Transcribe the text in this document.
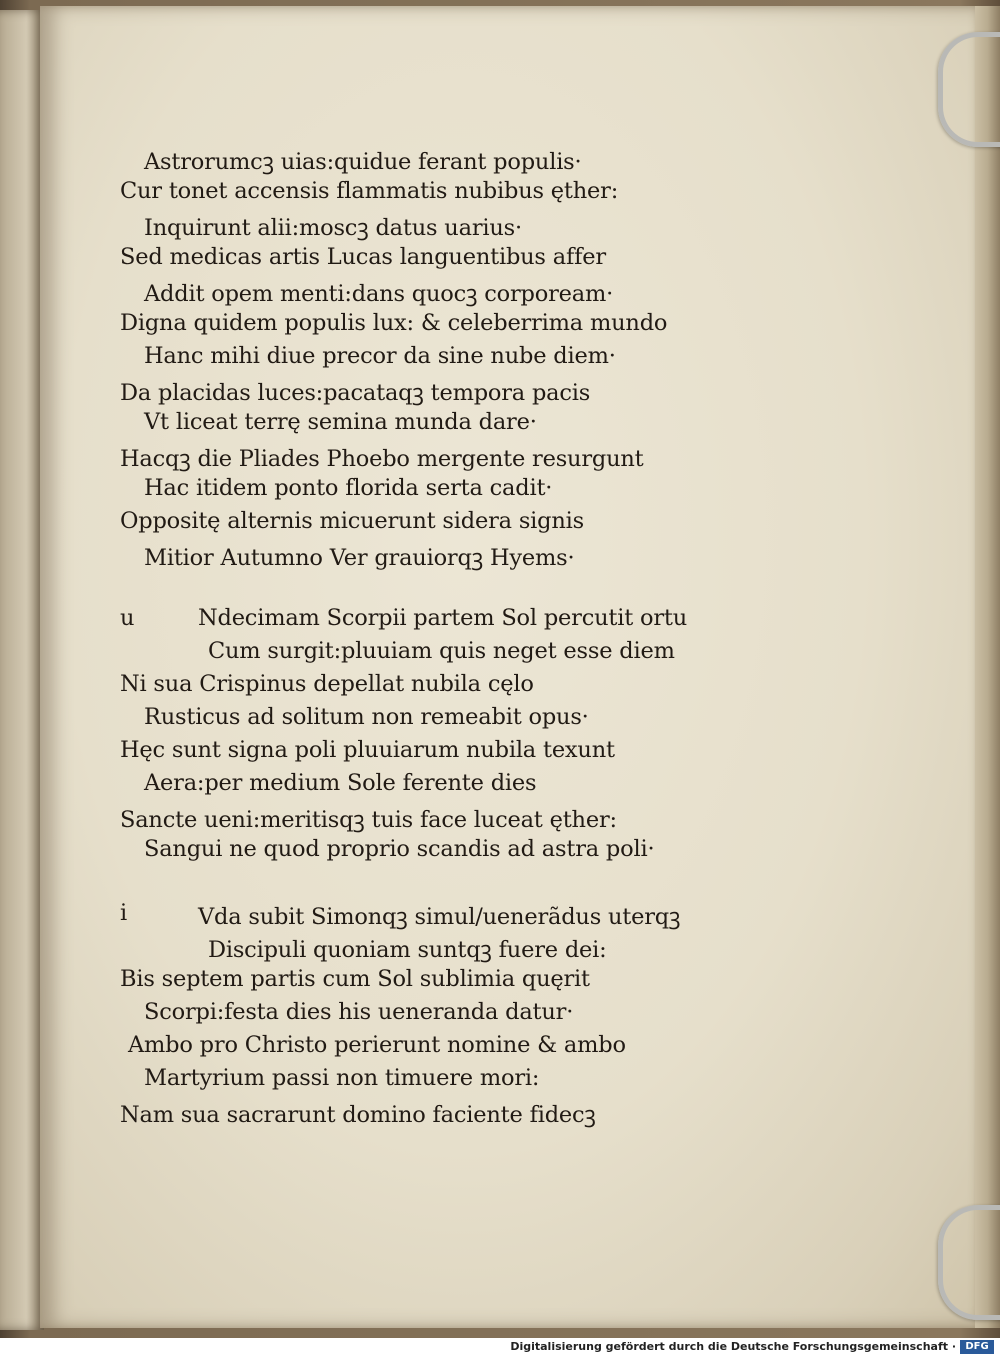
Astrorumcꝫ uias:quidue ferant populis·
Cur tonet accensis flammatis nubibus ęther:
Inquirunt alii:moscꝫ datus uarius·
Sed medicas artis Lucas languentibus affer
Addit opem menti:dans quocꝫ corpoream·
Digna quidem populis lux: & celeberrima mundo
Hanc mihi diue precor da sine nube diem·
Da placidas luces:pacataqꝫ tempora pacis
Vt liceat terrę semina munda dare·
Hacqꝫ die Pliades Phoebo mergente resurgunt
Hac itidem ponto florida serta cadit·
Oppositę alternis micuerunt sidera signis
Mitior Autumno Ver grauiorqꝫ Hyems·
u	Ndecimam Scorpii partem Sol percutit ortu
Cum surgit:pluuiam quis neget esse diem
Ni sua Crispinus depellat nubila cęlo
Rusticus ad solitum non remeabit opus·
Hęc sunt signa poli pluuiarum nubila texunt
Aera:per medium Sole ferente dies
Sancte ueni:meritisqꝫ tuis face luceat ęther:
Sangui ne quod proprio scandis ad astra poli·
i	Vda subit Simonqꝫ simul/uenerãdus uterqꝫ
Discipuli quoniam suntqꝫ fuere dei:
Bis septem partis cum Sol sublimia quęrit
Scorpi:festa dies his ueneranda datur·
Ambo pro Christo perierunt nomine & ambo
Martyrium passi non timuere mori:
Nam sua sacrarunt domino faciente fidecꝫ
Digitalisierung gefördert durch die Deutsche Forschungsgemeinschaft · DFG
